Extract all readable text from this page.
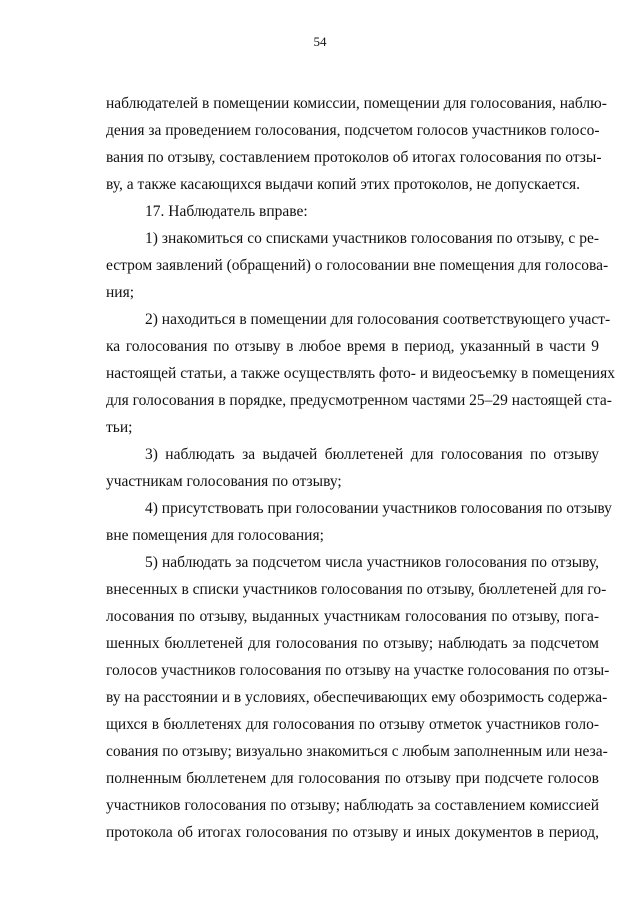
54
наблюдателей в помещении комиссии, помещении для голосования, наблю-
дения за проведением голосования, подсчетом голосов участников голосо-
вания по отзыву, составлением протоколов об итогах голосования по отзы-
ву, а также касающихся выдачи копий этих протоколов, не допускается.
17. Наблюдатель вправе:
1) знакомиться со списками участников голосования по отзыву, с ре-
естром заявлений (обращений) о голосовании вне помещения для голосова-
ния;
2) находиться в помещении для голосования соответствующего участ-
ка голосования по отзыву в любое время в период, указанный в части 9
настоящей статьи, а также осуществлять фото- и видеосъемку в помещениях
для голосования в порядке, предусмотренном частями 25–29 настоящей ста-
тьи;
3) наблюдать за выдачей бюллетеней для голосования по отзыву
участникам голосования по отзыву;
4) присутствовать при голосовании участников голосования по отзыву
вне помещения для голосования;
5) наблюдать за подсчетом числа участников голосования по отзыву,
внесенных в списки участников голосования по отзыву, бюллетеней для го-
лосования по отзыву, выданных участникам голосования по отзыву, пога-
шенных бюллетеней для голосования по отзыву; наблюдать за подсчетом
голосов участников голосования по отзыву на участке голосования по отзы-
ву на расстоянии и в условиях, обеспечивающих ему обозримость содержа-
щихся в бюллетенях для голосования по отзыву отметок участников голо-
сования по отзыву; визуально знакомиться с любым заполненным или неза-
полненным бюллетенем для голосования по отзыву при подсчете голосов
участников голосования по отзыву; наблюдать за составлением комиссией
протокола об итогах голосования по отзыву и иных документов в период,
